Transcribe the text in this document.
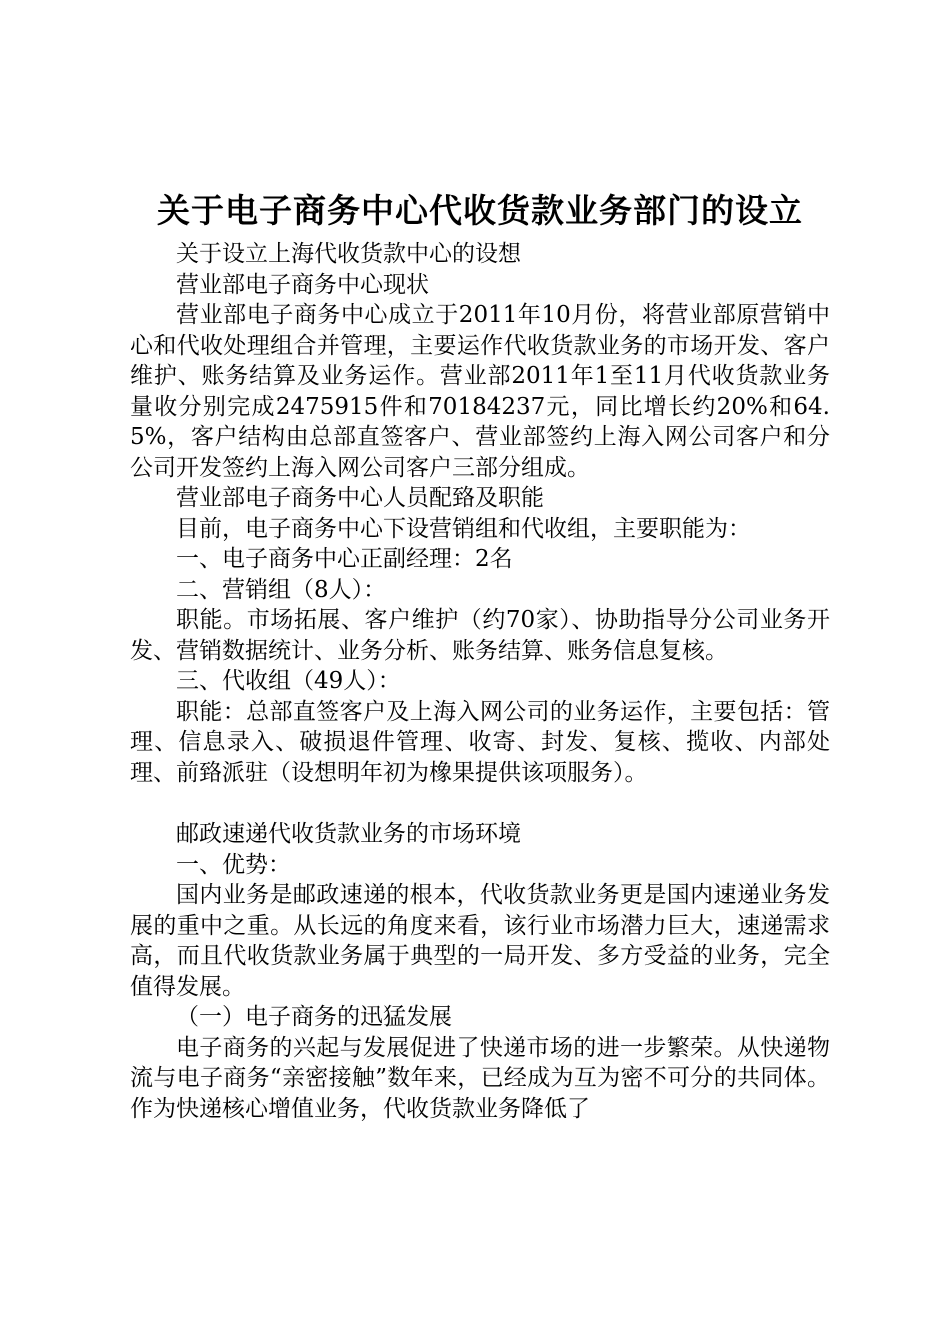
关于电子商务中心代收货款业务部门的设立

关于设立上海代收货款中心的设想

营业部电子商务中心现状

营业部电子商务中心成立于2011年10月份，将营业部原营销中心和代收处理组合并管理，主要运作代收货款业务的市场开发、客户维护、账务结算及业务运作。营业部2011年1至11月代收货款业务量收分别完成2475915件和70184237元，同比增长约20%和64.5%，客户结构由总部直签客户、营业部签约上海入网公司客户和分公司开发签约上海入网公司客户三部分组成。

营业部电子商务中心人员配臵及职能

目前，电子商务中心下设营销组和代收组，主要职能为：

一、电子商务中心正副经理：2名

二、营销组（8人）：

职能。市场拓展、客户维护（约70家）、协助指导分公司业务开发、营销数据统计、业务分析、账务结算、账务信息复核。

三、代收组（49人）：

职能：总部直签客户及上海入网公司的业务运作，主要包括：管理、信息录入、破损退件管理、收寄、封发、复核、揽收、内部处理、前臵派驻（设想明年初为橡果提供该项服务）。

邮政速递代收货款业务的市场环境

一、优势：

国内业务是邮政速递的根本，代收货款业务更是国内速递业务发展的重中之重。从长远的角度来看，该行业市场潜力巨大，速递需求高，而且代收货款业务属于典型的一局开发、多方受益的业务，完全值得发展。

（一）电子商务的迅猛发展

电子商务的兴起与发展促进了快递市场的进一步繁荣。从快递物流与电子商务“亲密接触”数年来，已经成为互为密不可分的共同体。作为快递核心增值业务，代收货款业务降低了
